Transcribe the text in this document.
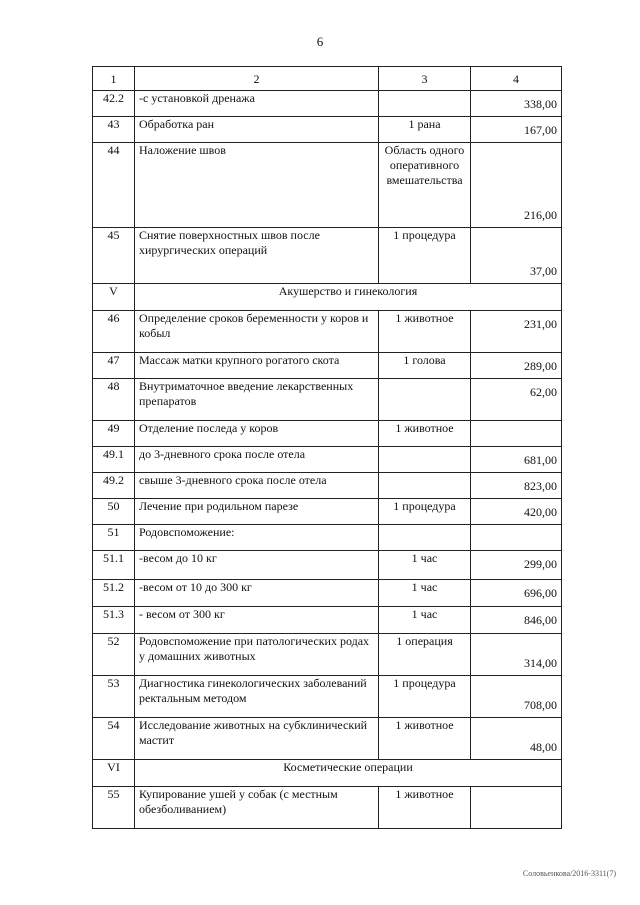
6
1	2	3	4
42.2	-с установкой дренажа		338,00
43	Обработка ран	1 рана	167,00
44	Наложение швов	Область одного оперативного вмешательства	216,00
45	Снятие поверхностных швов после хирургических операций	1 процедура	37,00
V	Акушерство и гинекология		
46	Определение сроков беременности у коров и кобыл	1 животное	231,00
47	Массаж матки крупного рогатого скота	1 голова	289,00
48	Внутриматочное введение лекарственных препаратов		62,00
49	Отделение последа у коров	1 животное	
49.1	до 3-дневного срока после отела		681,00
49.2	свыше 3-дневного срока после отела		823,00
50	Лечение при родильном парезе	1 процедура	420,00
51	Родовспоможение:		
51.1	-весом до 10 кг	1 час	299,00
51.2	-весом от 10 до 300 кг	1 час	696,00
51.3	- весом от 300 кг	1 час	846,00
52	Родовспоможение при патологических родах у домашних животных	1 операция	314,00
53	Диагностика гинекологических заболеваний ректальным методом	1 процедура	708,00
54	Исследование животных на субклинический мастит	1 животное	48,00
VI	Косметические операции		
55	Купирование ушей у собак (с местным обезболиванием)	1 животное	
Соловьенкова/2016-3311(7)
